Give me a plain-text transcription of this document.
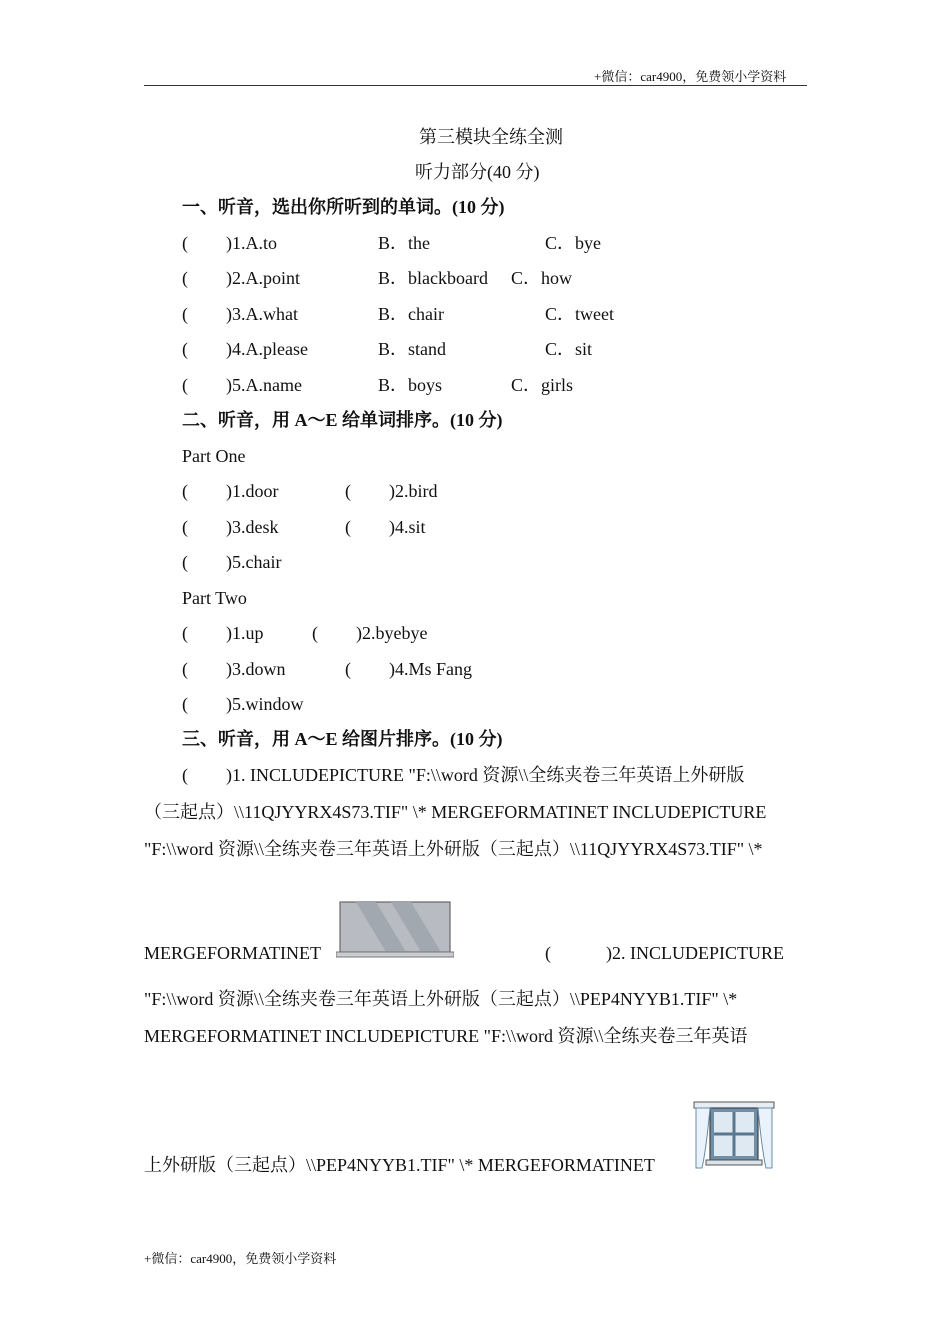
+微信：car4900，免费领小学资料
第三模块全练全测
听力部分(40 分)
一、听音，选出你所听到的单词。(10 分)
( )1.A.to	B．the	C．bye
( )2.A.point	B．blackboard C．how
( )3.A.what	B．chair	C．tweet
( )4.A.please	B．stand	C．sit
( )5.A.name	B．boys	C．girls
二、听音，用 A～E 给单词排序。(10 分)
Part One
( )1.door	( )2.bird
( )3.desk	( )4.sit
( )5.chair
Part Two
( )1.up	( )2.byebye
( )3.down	( )4.Ms Fang
( )5.window
三、听音，用 A～E 给图片排序。(10 分)
( )1. INCLUDEPICTURE "F:\\word 资源\\全练夹卷三年英语上外研版
（三起点）\\11QJYYRX4S73.TIF" \* MERGEFORMATINET INCLUDEPICTURE
"F:\\word 资源\\全练夹卷三年英语上外研版（三起点）\\11QJYYRX4S73.TIF" \*
MERGEFORMATINET	(	)2. INCLUDEPICTURE
"F:\\word 资源\\全练夹卷三年英语上外研版（三起点）\\PEP4NYYB1.TIF" \*
MERGEFORMATINET INCLUDEPICTURE "F:\\word 资源\\全练夹卷三年英语
上外研版（三起点）\\PEP4NYYB1.TIF" \* MERGEFORMATINET
+微信：car4900，免费领小学资料
